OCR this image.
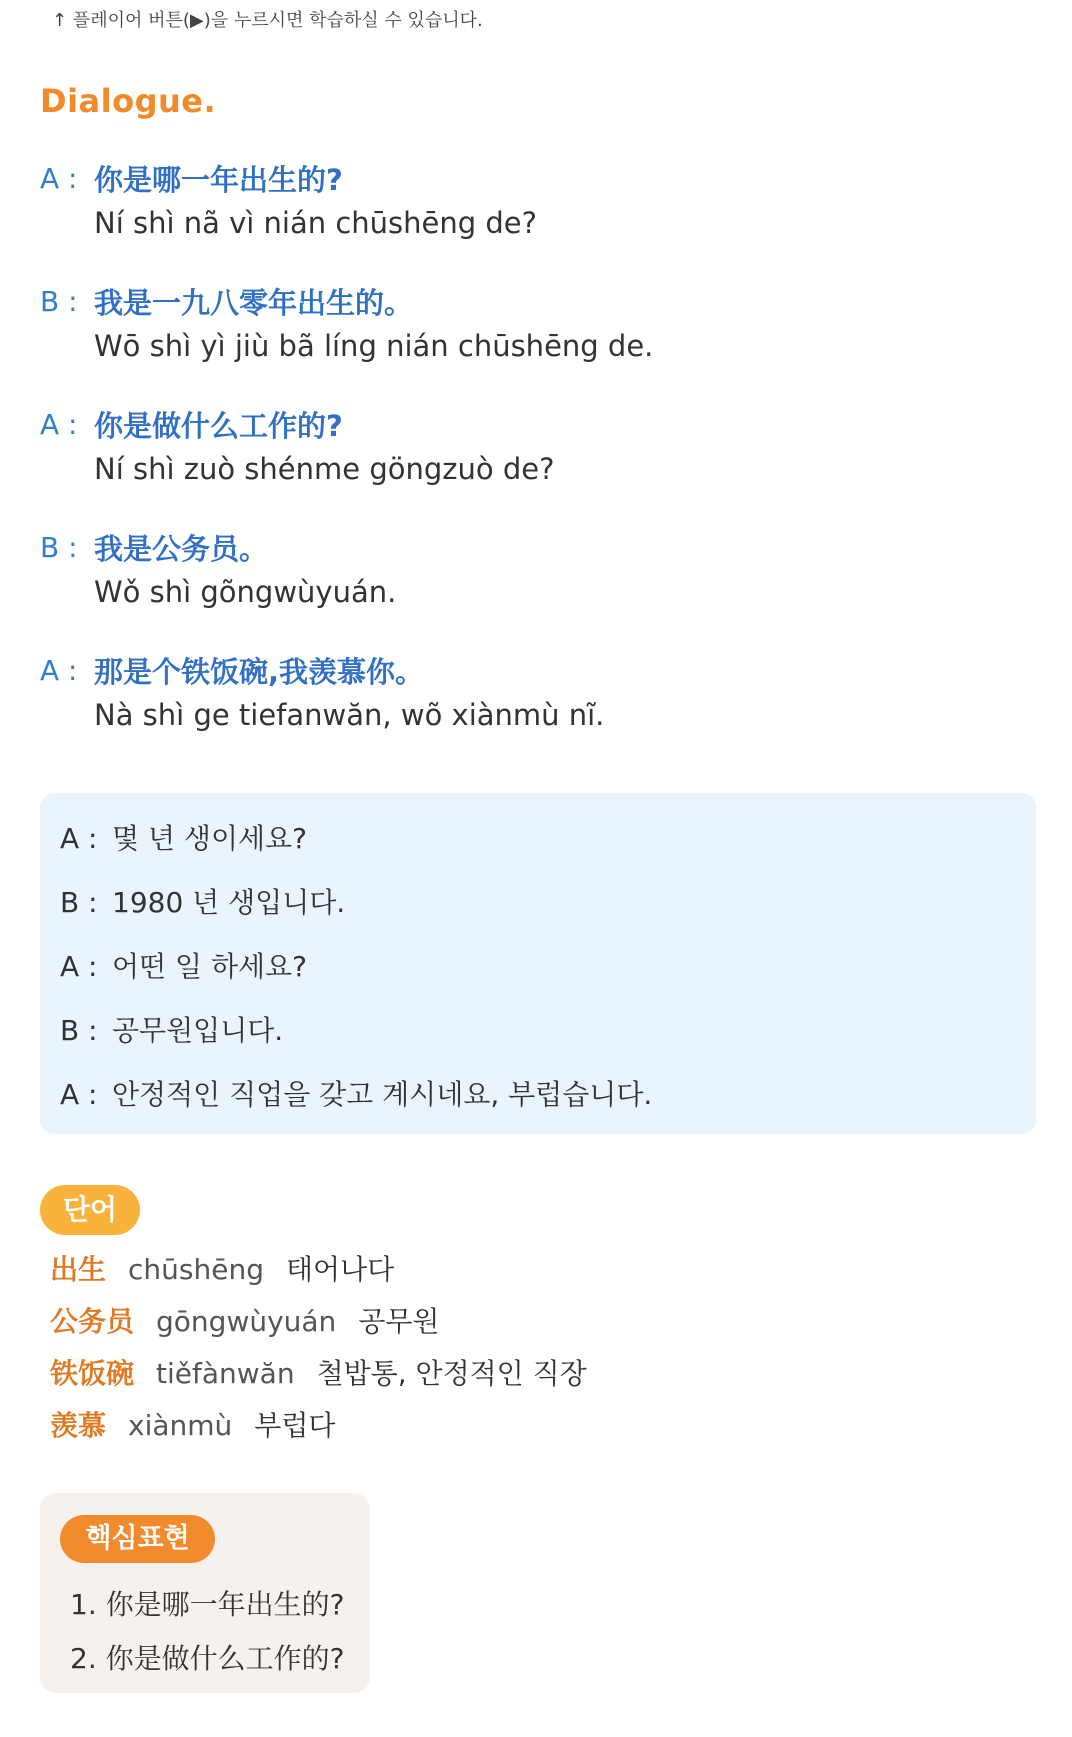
↑ 플레이어 버튼(▶)을 누르시면 학습하실 수 있습니다.
Dialogue.
A : 你是哪一年出生的?
Ní shì nã vì nián chūshēng de?
B : 我是一九八零年出生的。
Wō shì yì jiù bã líng nián chūshēng de.
A : 你是做什么工作的?
Ní shì zuò shénme göngzuò de?
B : 我是公务员。
Wǒ shì gõngwùyuán.
A : 那是个铁饭碗,我羡慕你。
Nà shì ge tiefanwăn, wõ xiànmù nĩ.
A : 몇 년 생이세요?
B : 1980 년 생입니다.
A : 어떤 일 하세요?
B : 공무원입니다.
A : 안정적인 직업을 갖고 계시네요, 부럽습니다.
단어
出生 chūshēng 태어나다
公务员 gōngwùyuán 공무원
铁饭碗 tiěfànwăn 철밥통, 안정적인 직장
羡慕 xiànmù 부럽다
핵심표현
1. 你是哪一年出生的?
2. 你是做什么工作的?
